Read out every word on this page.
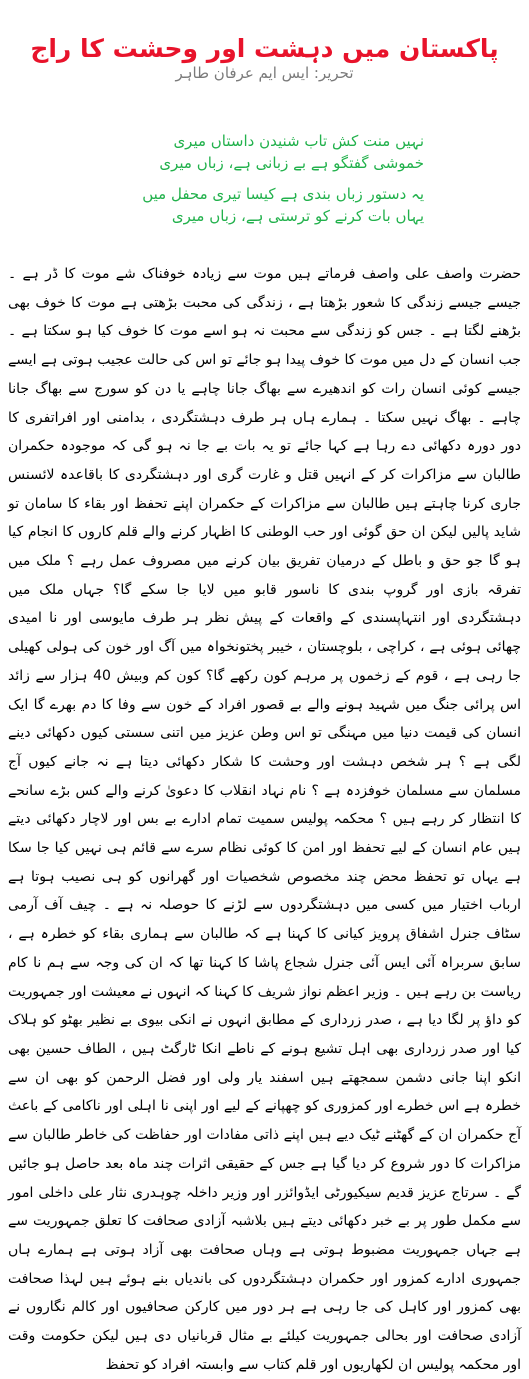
پاکستان میں دہشت اور وحشت کا راج
تحریر: ایس ایم عرفان طاہر

نہیں منت کش تاب شنیدن داستاں میری

خموشی گفتگو ہے بے زبانی ہے، زباں میری

یہ دستور زباں بندی ہے کیسا تیری محفل میں

یہاں بات کرنے کو ترستی ہے، زباں میری

حضرت واصف علی واصف فرماتے ہیں موت سے زیادہ خوفناک شے موت کا ڈر ہے ۔ جیسے جیسے زندگی کا شعور بڑھتا ہے ، زندگی کی محبت بڑھتی ہے موت کا خوف بھی بڑھنے لگتا ہے ۔ جس کو زندگی سے محبت نہ ہو اسے موت کا خوف کیا ہو سکتا ہے ۔ جب انسان کے دل میں موت کا خوف پیدا ہو جائے تو اس کی حالت عجیب ہوتی ہے ایسے جیسے کوئی انسان رات کو اندھیرے سے بھاگ جانا چاہے یا دن کو سورج سے بھاگ جانا چاہے ۔ بھاگ نہیں سکتا ۔ ہمارے ہاں ہر طرف دہشتگردی ، بدامنی اور افراتفری کا دور دورہ دکھائی دے رہا ہے کہا جائے تو یہ بات بے جا نہ ہو گی کہ موجودہ حکمران طالبان سے مزاکرات کر کے انہیں قتل و غارت گری اور دہشتگردی کا باقاعدہ لائسنس جاری کرنا چاہتے ہیں طالبان سے مزاکرات کے حکمران اپنے تحفظ اور بقاء کا سامان تو شاید پالیں لیکن ان حق گوئی اور حب الوطنی کا اظہار کرنے والے قلم کاروں کا انجام کیا ہو گا جو حق و باطل کے درمیان تفریق بیان کرنے میں مصروف عمل رہے ؟ ملک میں تفرقہ بازی اور گروپ بندی کا ناسور قابو میں لایا جا سکے گا؟ جہاں ملک میں دہشتگردی اور انتہاپسندی کے واقعات کے پیش نظر ہر طرف مایوسی اور نا امیدی چھائی ہوئی ہے ، کراچی ، بلوچستان ، خیبر پختونخواہ میں آگ اور خون کی ہولی کھیلی جا رہی ہے ، قوم کے زخموں پر مرہم کون رکھے گا؟ کون کم وبیش 40 ہزار سے زائد اس پرائی جنگ میں شہید ہونے والے بے قصور افراد کے خون سے وفا کا دم بھرے گا ایک انسان کی قیمت دنیا میں مہنگی تو اس وطن عزیز میں اتنی سستی کیوں دکھائی دینے لگی ہے ؟ ہر شخص دہشت اور وحشت کا شکار دکھائی دیتا ہے نہ جانے کیوں آج مسلمان سے مسلمان خوفزدہ ہے ؟ نام نہاد انقلاب کا دعویٰ کرنے والے کس بڑے سانحے کا انتظار کر رہے ہیں ؟ محکمہ پولیس سمیت تمام ادارے بے بس اور لاچار دکھائی دیتے ہیں عام انسان کے لیے تحفظ اور امن کا کوئی نظام سرے سے قائم ہی نہیں کیا جا سکا ہے یہاں تو تحفظ محض چند مخصوص شخصیات اور گھرانوں کو ہی نصیب ہوتا ہے ارباب اختیار میں کسی میں دہشتگردوں سے لڑنے کا حوصلہ نہ ہے ۔ چیف آف آرمی سٹاف جنرل اشفاق پرویز کیانی کا کہنا ہے کہ طالبان سے ہماری بقاء کو خطرہ ہے ، سابق سربراہ آئی ایس آئی جنرل شجاع پاشا کا کہنا تھا کہ ان کی وجہ سے ہم نا کام ریاست بن رہے ہیں ۔ وزیر اعظم نواز شریف کا کہنا کہ انہوں نے معیشت اور جمہوریت کو داؤ پر لگا دیا ہے ، صدر زرداری کے مطابق انہوں نے انکی بیوی بے نظیر بھٹو کو ہلاک کیا اور صدر زرداری بھی اہل تشیع ہونے کے ناطے انکا ٹارگٹ ہیں ، الطاف حسین بھی انکو اپنا جانی دشمن سمجھتے ہیں اسفند یار ولی اور فضل الرحمن کو بھی ان سے خطرہ ہے اس خطرے اور کمزوری کو چھپانے کے لیے اور اپنی نا اہلی اور ناکامی کے باعث آج حکمران ان کے گھٹنے ٹیک دیے ہیں اپنے ذاتی مفادات اور حفاظت کی خاطر طالبان سے مزاکرات کا دور شروع کر دیا گیا ہے جس کے حقیقی اثرات چند ماہ بعد حاصل ہو جائیں گے ۔ سرتاج عزیز قدیم سیکیورٹی ایڈوائزر اور وزیر داخلہ چوہدری نثار علی داخلی امور سے مکمل طور پر بے خبر دکھائی دیتے ہیں بلاشبہ آزادی صحافت کا تعلق جمہوریت سے ہے جہاں جمہوریت مضبوط ہوتی ہے وہاں صحافت بھی آزاد ہوتی ہے ہمارے ہاں جمہوری ادارے کمزور اور حکمران دہشتگردوں کی باندیاں بنے ہوئے ہیں لہذا صحافت بھی کمزور اور کاہل کی جا رہی ہے ہر دور میں کارکن صحافیوں اور کالم نگاروں نے آزادی صحافت اور بحالی جمہوریت کیلئے بے مثال قربانیاں دی ہیں لیکن حکومت وقت اور محکمہ پولیس ان لکھاریوں اور قلم کتاب سے وابستہ افراد کو تحفظ
